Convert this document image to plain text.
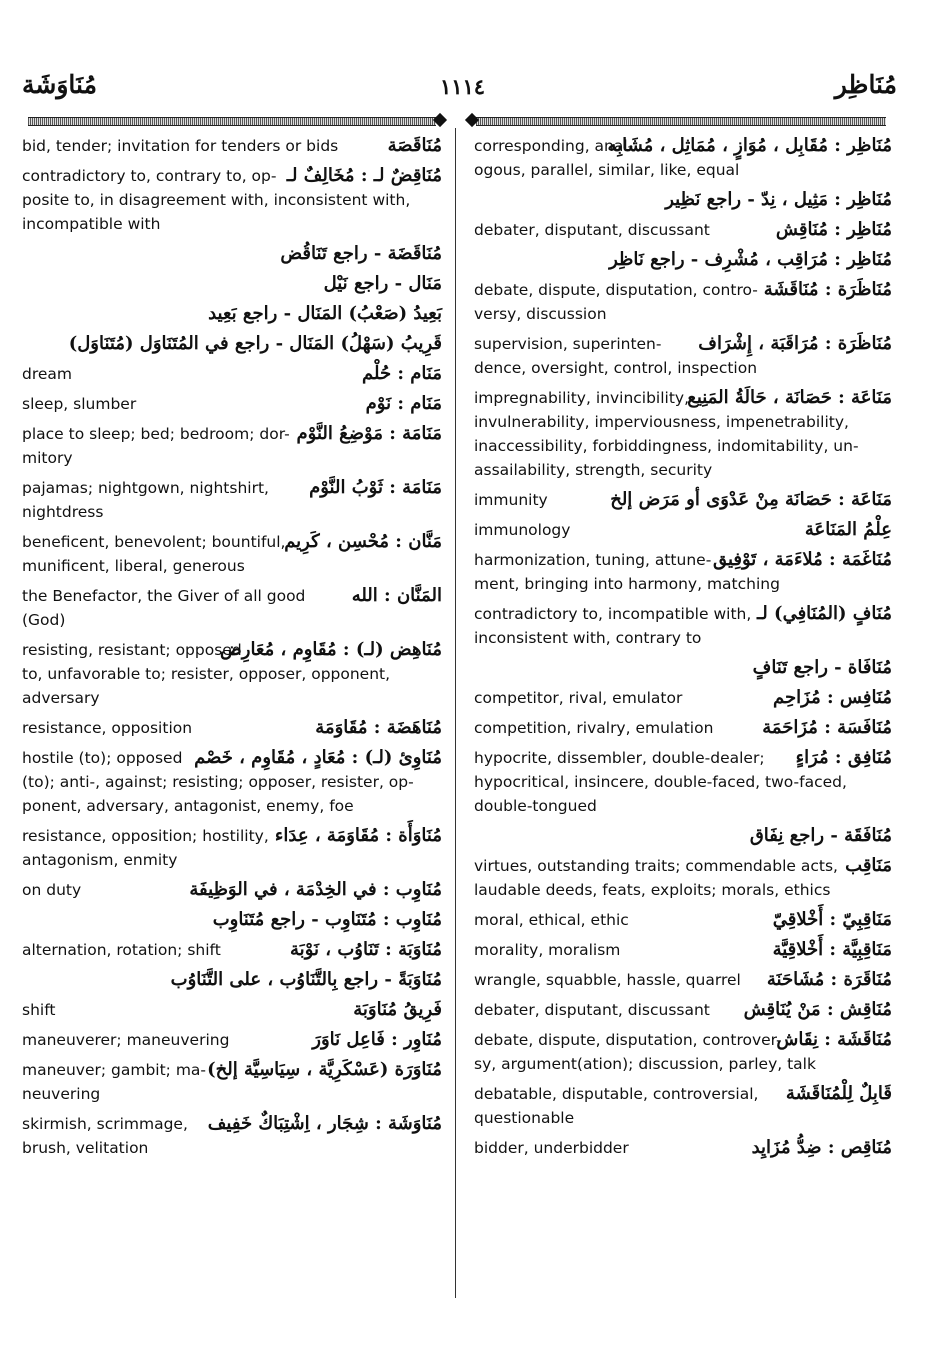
مُنَاوَشَة	١١١٤	مُنَاظِر
bid, tender; invitation for tenders or bids	مُنَاقَصَة
contradictory to, contrary to, op- مُنَاقِضٌ لـ : مُخَالِفٌ لـ
posite to, in disagreement with, inconsistent with,
incompatible with
مُنَاقَضَة - راجع تَنَاقُض
مَنَال - راجع نَيْل
بَعِيدُ (صَعْبُ) المَنَال - راجع بَعِيد
قَرِيبُ (سَهْلُ) المَنَال - راجع في المُتَنَاوَل (مُتَنَاوَل)
dream	مَنَام : حُلْم
sleep, slumber	مَنَام : نَوْم
place to sleep; bed; bedroom; dor- مَنَامَة : مَوْضِعُ النَّوْم
mitory
pajamas; nightgown, nightshirt, مَنَامَة : ثَوْبُ النَّوْم
nightdress
beneficent, benevolent; bountiful,
مَنَّان : مُحْسِن ، كَرِيم
munificent, liberal, generous
the Benefactor, the Giver of all good	المَنَّان : الله
(God)
resisting, resistant; opposed
مُنَاهِض (لـ) : مُقَاوِم ، مُعَارِض
to, unfavorable to; resister, opposer, opponent,
adversary
resistance, opposition	مُنَاهَضَة : مُقَاوَمَة
hostile (to); opposed مُنَاوِئ (لـ) : مُعَادٍ ، مُقَاوِم ، خَصْم
(to); anti-, against; resisting; opposer, resister, op-
ponent, adversary, antagonist, enemy, foe
resistance, opposition; hostility, مُنَاوَأَة : مُقَاوَمَة ، عِدَاء
antagonism, enmity
on duty	مُنَاوِب : في الخِدْمَة ، في الوَظِيفَة
مُنَاوِب : مُتَنَاوِب - راجع مُتَنَاوِب
alternation, rotation; shift	مُنَاوَبَة : تَنَاوُب ، نَوْبَة
مُنَاوَبَةً - راجع بِالتَّنَاوُب ، على التَّنَاوُب
shift	فَرِيقُ مُنَاوَبَة
maneuverer; maneuvering	مُنَاوِر : فَاعِل نَاوَرَ
maneuver; gambit; ma- مُنَاوَرَة (عَسْكَرِيَّة ، سِيَاسِيَّة إلخ)
neuvering
skirmish, scrimmage, مُنَاوَشَة : شِجَار ، اِشْتِبَاكٌ خَفِيف
brush, velitation
corresponding, anal-
مُنَاظِر : مُقَابِل ، مُوَازٍ ، مُمَاثِل ، مُشَابِه
ogous, parallel, similar, like, equal
مُنَاظِر : مَثِيل ، نِدّ - راجع نَظِير
debater, disputant, discussant	مُنَاظِر : مُنَاقِش
مُنَاظِر : مُرَاقِب ، مُشْرِف - راجع نَاظِر
debate, dispute, disputation, contro- مُنَاظَرَة : مُنَاقَشَة
versy, discussion
supervision, superinten- مُنَاظَرَة : مُرَاقَبَة ، إِشْرَاف
dence, oversight, control, inspection
impregnability, invincibility,
مَنَاعَة : حَصَانَة ، حَالَةُ المَنِيع
invulnerability, imperviousness, impenetrability,
inaccessibility, forbiddingness, indomitability, un-
assailability, strength, security
immunity	مَنَاعَة : حَصَانَة مِنْ عَدْوَى أو مَرَض إلخ
immunology	عِلْمُ المَنَاعَة
harmonization, tuning, attune- مُنَاغَمَة : مُلاءَمَة ، تَوْفِيق
ment, bringing into harmony, matching
contradictory to, incompatible with, مُنَافٍ (المُنَافِي) لـ
inconsistent with, contrary to
مُنَافَاة - راجع تَنَافٍ
competitor, rival, emulator	مُنَافِس : مُزَاحِم
competition, rivalry, emulation	مُنَافَسَة : مُزَاحَمَة
hypocrite, dissembler, double-dealer; مُنَافِق : مُرَاءٍ
hypocritical, insincere, double-faced, two-faced,
double-tongued
مُنَافَقَة - راجع نِفَاق
virtues, outstanding traits; commendable acts, مَنَاقِب
laudable deeds, feats, exploits; morals, ethics
moral, ethical, ethic	مَنَاقِبِيّ : أَخْلاقِيّ
morality, moralism	مَنَاقِبِيَّة : أَخْلاقِيَّة
wrangle, squabble, hassle, quarrel مُنَاقَرَة : مُشَاحَنَة
debater, disputant, discussant مُنَاقِش : مَنْ يُنَاقِش
debate, dispute, disputation, controver-
مُنَاقَشَة : نِقَاش
sy, argument(ation); discussion, parley, talk
debatable, disputable, controversial, قَابِلٌ لِلْمُنَاقَشَة
questionable
bidder, underbidder	مُنَاقِص : ضِدُّ مُزَايِد
